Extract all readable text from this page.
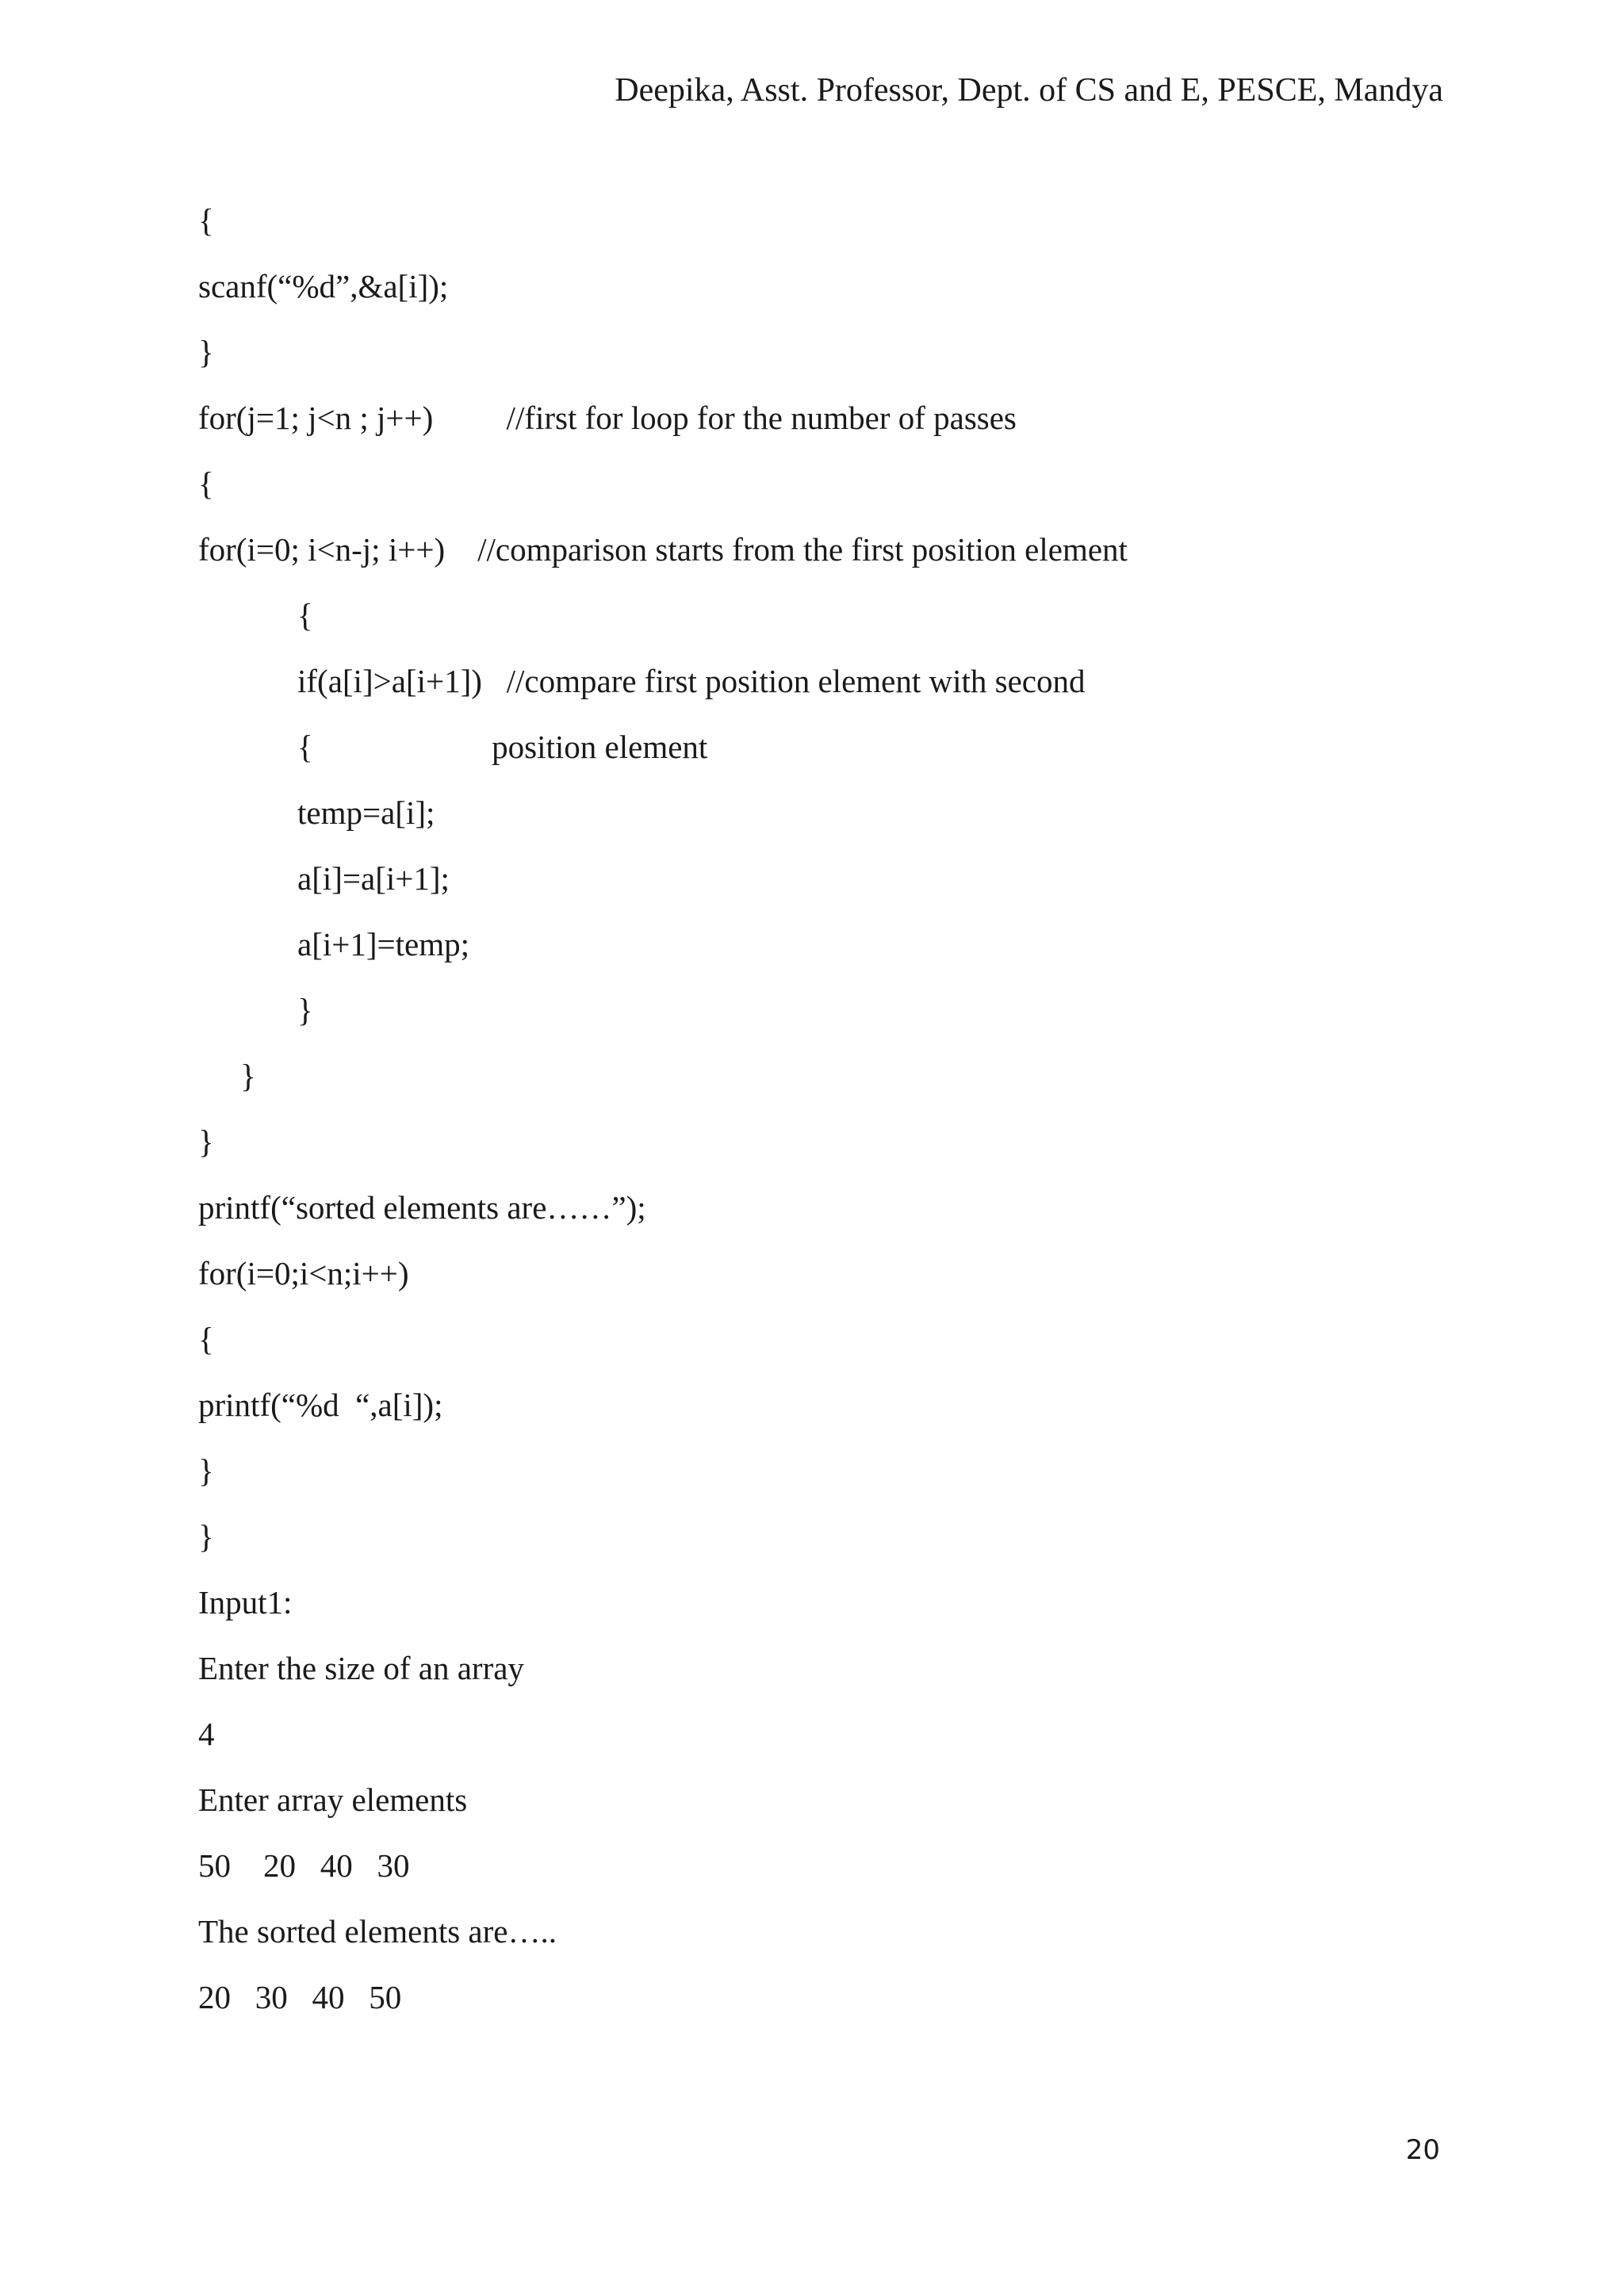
Deepika, Asst. Professor, Dept. of CS and E, PESCE, Mandya
{
scanf(“%d”,&a[i]);
}
for(j=1; j<n ; j++)         //first for loop for the number of passes
{
for(i=0; i<n-j; i++)    //comparison starts from the first position element
{
if(a[i]>a[i+1])   //compare first position element with second
{                      position element
temp=a[i];
a[i]=a[i+1];
a[i+1]=temp;
}
}
}
printf(“sorted elements are……”);
for(i=0;i<n;i++)
{
printf(“%d  “,a[i]);
}
}
Input1:
Enter the size of an array
4
Enter array elements
50    20   40   30
The sorted elements are…..
20   30   40   50
20
